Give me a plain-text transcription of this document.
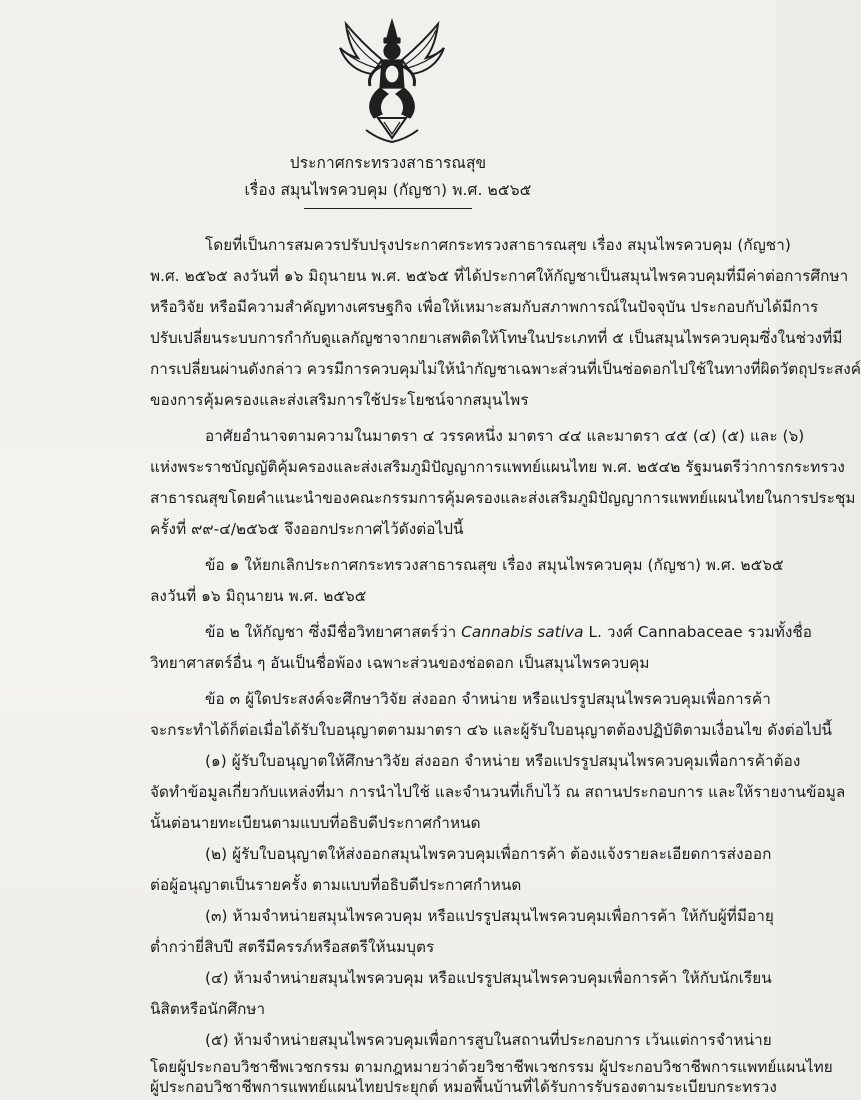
ประกาศกระทรวงสาธารณสุข
เรื่อง สมุนไพรควบคุม (กัญชา) พ.ศ. ๒๕๖๕
โดยที่เป็นการสมควรปรับปรุงประกาศกระทรวงสาธารณสุข เรื่อง สมุนไพรควบคุม (กัญชา)
พ.ศ. ๒๕๖๕ ลงวันที่ ๑๖ มิถุนายน พ.ศ. ๒๕๖๕ ที่ได้ประกาศให้กัญชาเป็นสมุนไพรควบคุมที่มีค่าต่อการศึกษา
หรือวิจัย หรือมีความสำคัญทางเศรษฐกิจ เพื่อให้เหมาะสมกับสภาพการณ์ในปัจจุบัน ประกอบกับได้มีการ
ปรับเปลี่ยนระบบการกำกับดูแลกัญชาจากยาเสพติดให้โทษในประเภทที่ ๕ เป็นสมุนไพรควบคุมซึ่งในช่วงที่มี
การเปลี่ยนผ่านดังกล่าว ควรมีการควบคุมไม่ให้นำกัญชาเฉพาะส่วนที่เป็นช่อดอกไปใช้ในทางที่ผิดวัตถุประสงค์
ของการคุ้มครองและส่งเสริมการใช้ประโยชน์จากสมุนไพร
อาศัยอำนาจตามความในมาตรา ๔ วรรคหนึ่ง มาตรา ๔๔ และมาตรา ๔๕ (๔) (๕) และ (๖)
แห่งพระราชบัญญัติคุ้มครองและส่งเสริมภูมิปัญญาการแพทย์แผนไทย พ.ศ. ๒๕๔๒ รัฐมนตรีว่าการกระทรวง
สาธารณสุขโดยคำแนะนำของคณะกรรมการคุ้มครองและส่งเสริมภูมิปัญญาการแพทย์แผนไทยในการประชุม
ครั้งที่ ๙๙-๔/๒๕๖๕ จึงออกประกาศไว้ดังต่อไปนี้
ข้อ ๑ ให้ยกเลิกประกาศกระทรวงสาธารณสุข เรื่อง สมุนไพรควบคุม (กัญชา) พ.ศ. ๒๕๖๕
ลงวันที่ ๑๖ มิถุนายน พ.ศ. ๒๕๖๕
ข้อ ๒ ให้กัญชา ซึ่งมีชื่อวิทยาศาสตร์ว่า Cannabis sativa L. วงศ์ Cannabaceae รวมทั้งชื่อ
วิทยาศาสตร์อื่น ๆ อันเป็นชื่อพ้อง เฉพาะส่วนของช่อดอก เป็นสมุนไพรควบคุม
ข้อ ๓ ผู้ใดประสงค์จะศึกษาวิจัย ส่งออก จำหน่าย หรือแปรรูปสมุนไพรควบคุมเพื่อการค้า
จะกระทำได้ก็ต่อเมื่อได้รับใบอนุญาตตามมาตรา ๔๖ และผู้รับใบอนุญาตต้องปฏิบัติตามเงื่อนไข ดังต่อไปนี้
(๑) ผู้รับใบอนุญาตให้ศึกษาวิจัย ส่งออก จำหน่าย หรือแปรรูปสมุนไพรควบคุมเพื่อการค้าต้อง
จัดทำข้อมูลเกี่ยวกับแหล่งที่มา การนำไปใช้ และจำนวนที่เก็บไว้ ณ สถานประกอบการ และให้รายงานข้อมูล
นั้นต่อนายทะเบียนตามแบบที่อธิบดีประกาศกำหนด
(๒) ผู้รับใบอนุญาตให้ส่งออกสมุนไพรควบคุมเพื่อการค้า ต้องแจ้งรายละเอียดการส่งออก
ต่อผู้อนุญาตเป็นรายครั้ง ตามแบบที่อธิบดีประกาศกำหนด
(๓) ห้ามจำหน่ายสมุนไพรควบคุม หรือแปรรูปสมุนไพรควบคุมเพื่อการค้า ให้กับผู้ที่มีอายุ
ต่ำกว่ายี่สิบปี สตรีมีครรภ์หรือสตรีให้นมบุตร
(๔) ห้ามจำหน่ายสมุนไพรควบคุม หรือแปรรูปสมุนไพรควบคุมเพื่อการค้า ให้กับนักเรียน
นิสิตหรือนักศึกษา
(๕) ห้ามจำหน่ายสมุนไพรควบคุมเพื่อการสูบในสถานที่ประกอบการ เว้นแต่การจำหน่าย
โดยผู้ประกอบวิชาชีพเวชกรรม ตามกฎหมายว่าด้วยวิชาชีพเวชกรรม ผู้ประกอบวิชาชีพการแพทย์แผนไทย
ผู้ประกอบวิชาชีพการแพทย์แผนไทยประยุกต์ หมอพื้นบ้านที่ได้รับการรับรองตามระเบียบกระทรวง
